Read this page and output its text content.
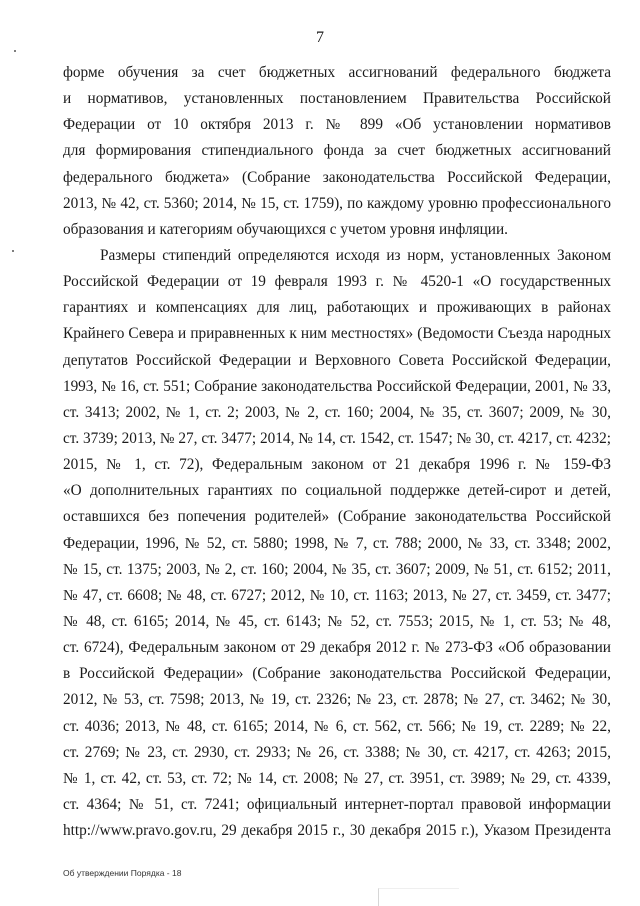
7
форме обучения за счет бюджетных ассигнований федерального бюджета
и нормативов, установленных постановлением Правительства Российской
Федерации от 10 октября 2013 г. № 899 «Об установлении нормативов
для формирования стипендиального фонда за счет бюджетных ассигнований
федерального бюджета» (Собрание законодательства Российской Федерации,
2013, № 42, ст. 5360; 2014, № 15, ст. 1759), по каждому уровню профессионального
образования и категориям обучающихся с учетом уровня инфляции.
Размеры стипендий определяются исходя из норм, установленных Законом
Российской Федерации от 19 февраля 1993 г. № 4520-1 «О государственных
гарантиях и компенсациях для лиц, работающих и проживающих в районах
Крайнего Севера и приравненных к ним местностях» (Ведомости Съезда народных
депутатов Российской Федерации и Верховного Совета Российской Федерации,
1993, № 16, ст. 551; Собрание законодательства Российской Федерации, 2001, № 33,
ст. 3413; 2002, № 1, ст. 2; 2003, № 2, ст. 160; 2004, № 35, ст. 3607; 2009, № 30,
ст. 3739; 2013, № 27, ст. 3477; 2014, № 14, ст. 1542, ст. 1547; № 30, ст. 4217, ст. 4232;
2015, № 1, ст. 72), Федеральным законом от 21 декабря 1996 г. № 159-ФЗ
«О дополнительных гарантиях по социальной поддержке детей-сирот и детей,
оставшихся без попечения родителей» (Собрание законодательства Российской
Федерации, 1996, № 52, ст. 5880; 1998, № 7, ст. 788; 2000, № 33, ст. 3348; 2002,
№ 15, ст. 1375; 2003, № 2, ст. 160; 2004, № 35, ст. 3607; 2009, № 51, ст. 6152; 2011,
№ 47, ст. 6608; № 48, ст. 6727; 2012, № 10, ст. 1163; 2013, № 27, ст. 3459, ст. 3477;
№ 48, ст. 6165; 2014, № 45, ст. 6143; № 52, ст. 7553; 2015, № 1, ст. 53; № 48,
ст. 6724), Федеральным законом от 29 декабря 2012 г. № 273-ФЗ «Об образовании
в Российской Федерации» (Собрание законодательства Российской Федерации,
2012, № 53, ст. 7598; 2013, № 19, ст. 2326; № 23, ст. 2878; № 27, ст. 3462; № 30,
ст. 4036; 2013, № 48, ст. 6165; 2014, № 6, ст. 562, ст. 566; № 19, ст. 2289; № 22,
ст. 2769; № 23, ст. 2930, ст. 2933; № 26, ст. 3388; № 30, ст. 4217, ст. 4263; 2015,
№ 1, ст. 42, ст. 53, ст. 72; № 14, ст. 2008; № 27, ст. 3951, ст. 3989; № 29, ст. 4339,
ст. 4364; № 51, ст. 7241; официальный интернет-портал правовой информации
http://www.pravo.gov.ru, 29 декабря 2015 г., 30 декабря 2015 г.), Указом Президента
Об утверждении Порядка - 18
